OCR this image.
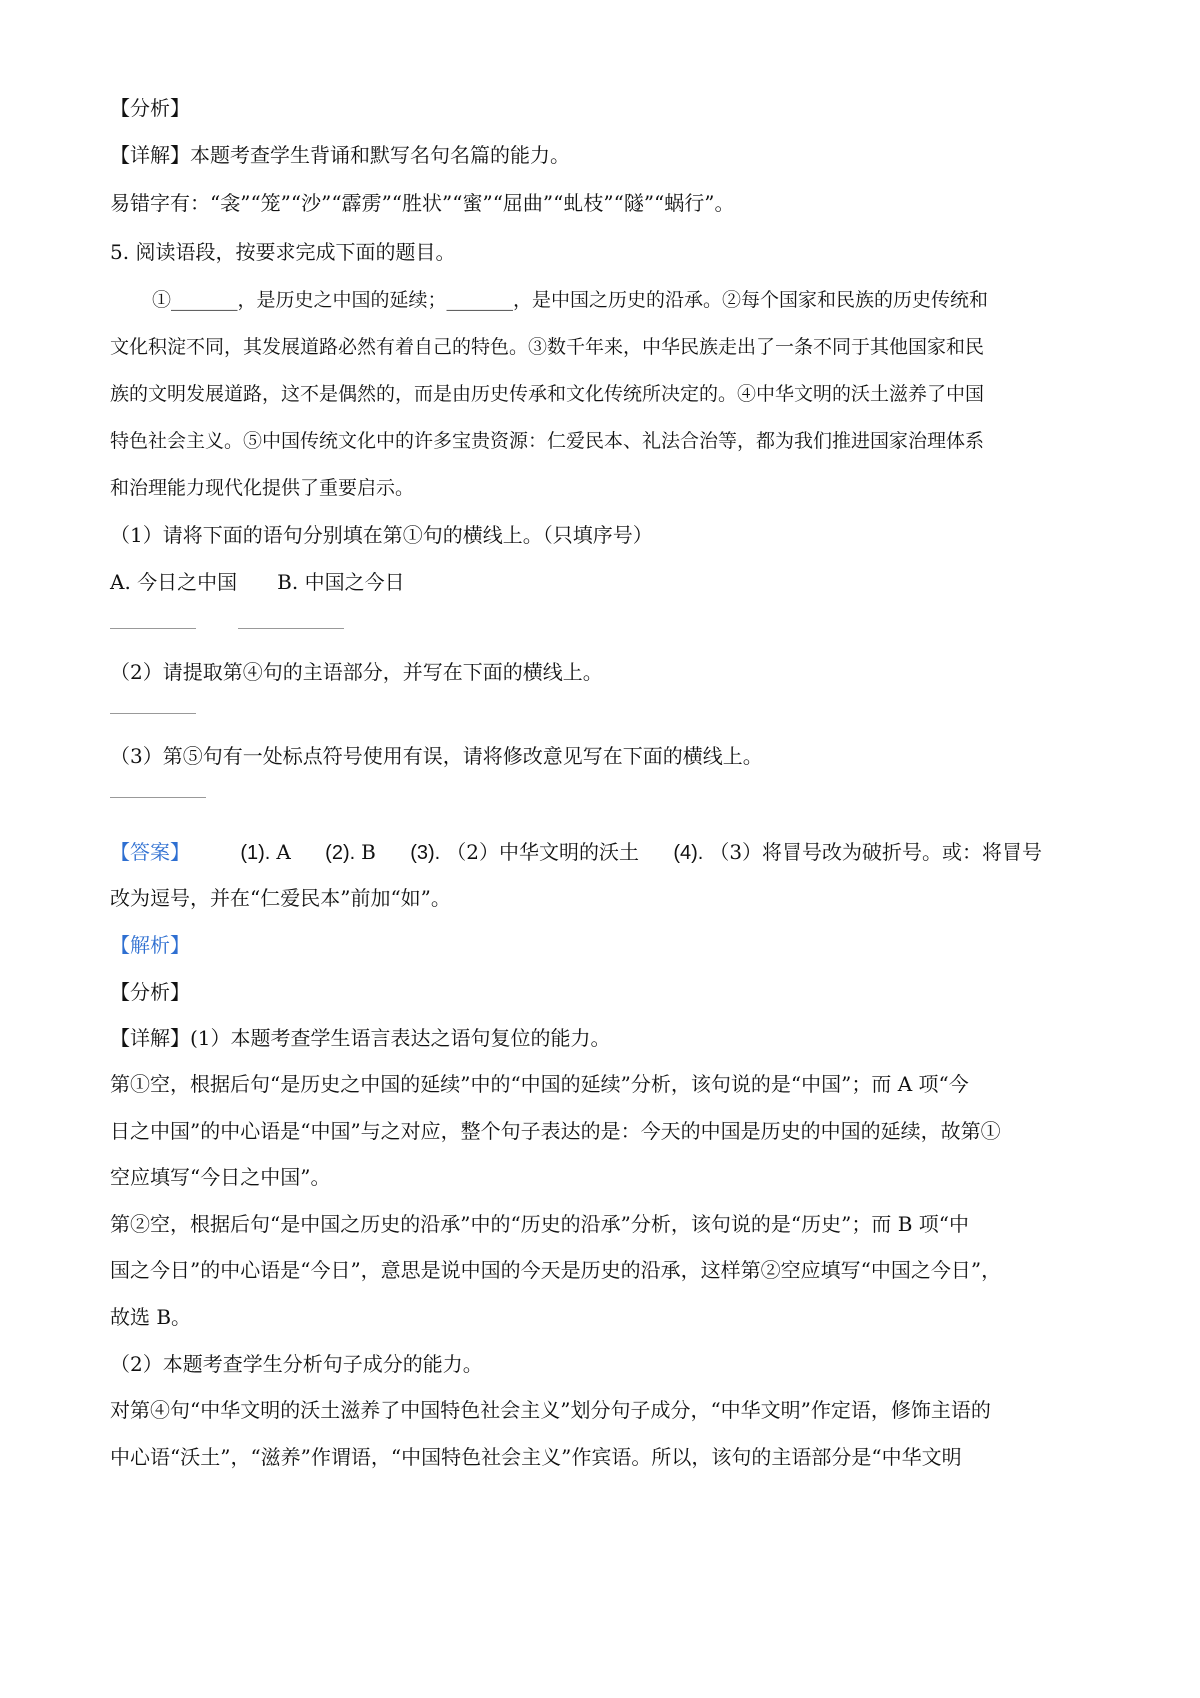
【分析】
【详解】本题考查学生背诵和默写名句名篇的能力。
易错字有：“衾”“笼”“沙”“霹雳”“胜状”“蜜”“屈曲”“虬枝”“隧”“蜗行”。
5. 阅读语段，按要求完成下面的题目。
①_______，是历史之中国的延续；_______，是中国之历史的沿承。②每个国家和民族的历史传统和
文化积淀不同，其发展道路必然有着自己的特色。③数千年来，中华民族走出了一条不同于其他国家和民
族的文明发展道路，这不是偶然的，而是由历史传承和文化传统所决定的。④中华文明的沃土滋养了中国
特色社会主义。⑤中国传统文化中的许多宝贵资源：仁爱民本、礼法合治等，都为我们推进国家治理体系
和治理能力现代化提供了重要启示。
（1）请将下面的语句分别填在第①句的横线上。（只填序号）
A. 今日之中国　　B. 中国之今日
（2）请提取第④句的主语部分，并写在下面的横线上。
（3）第⑤句有一处标点符号使用有误，请将修改意见写在下面的横线上。
【答案】	(1). A (2). B (3). （2）中华文明的沃土 (4). （3）将冒号改为破折号。或：将冒号
改为逗号，并在“仁爱民本”前加“如”。
【解析】
【分析】
【详解】(1）本题考查学生语言表达之语句复位的能力。
第①空，根据后句“是历史之中国的延续”中的“中国的延续”分析，该句说的是“中国”；而 A 项“今
日之中国”的中心语是“中国”与之对应，整个句子表达的是：今天的中国是历史的中国的延续，故第①
空应填写“今日之中国”。
第②空，根据后句“是中国之历史的沿承”中的“历史的沿承”分析，该句说的是“历史”；而 B 项“中
国之今日”的中心语是“今日”，意思是说中国的今天是历史的沿承，这样第②空应填写“中国之今日”，
故选 B。
（2）本题考查学生分析句子成分的能力。
对第④句“中华文明的沃土滋养了中国特色社会主义”划分句子成分，“中华文明”作定语，修饰主语的
中心语“沃土”，“滋养”作谓语，“中国特色社会主义”作宾语。所以，该句的主语部分是“中华文明
